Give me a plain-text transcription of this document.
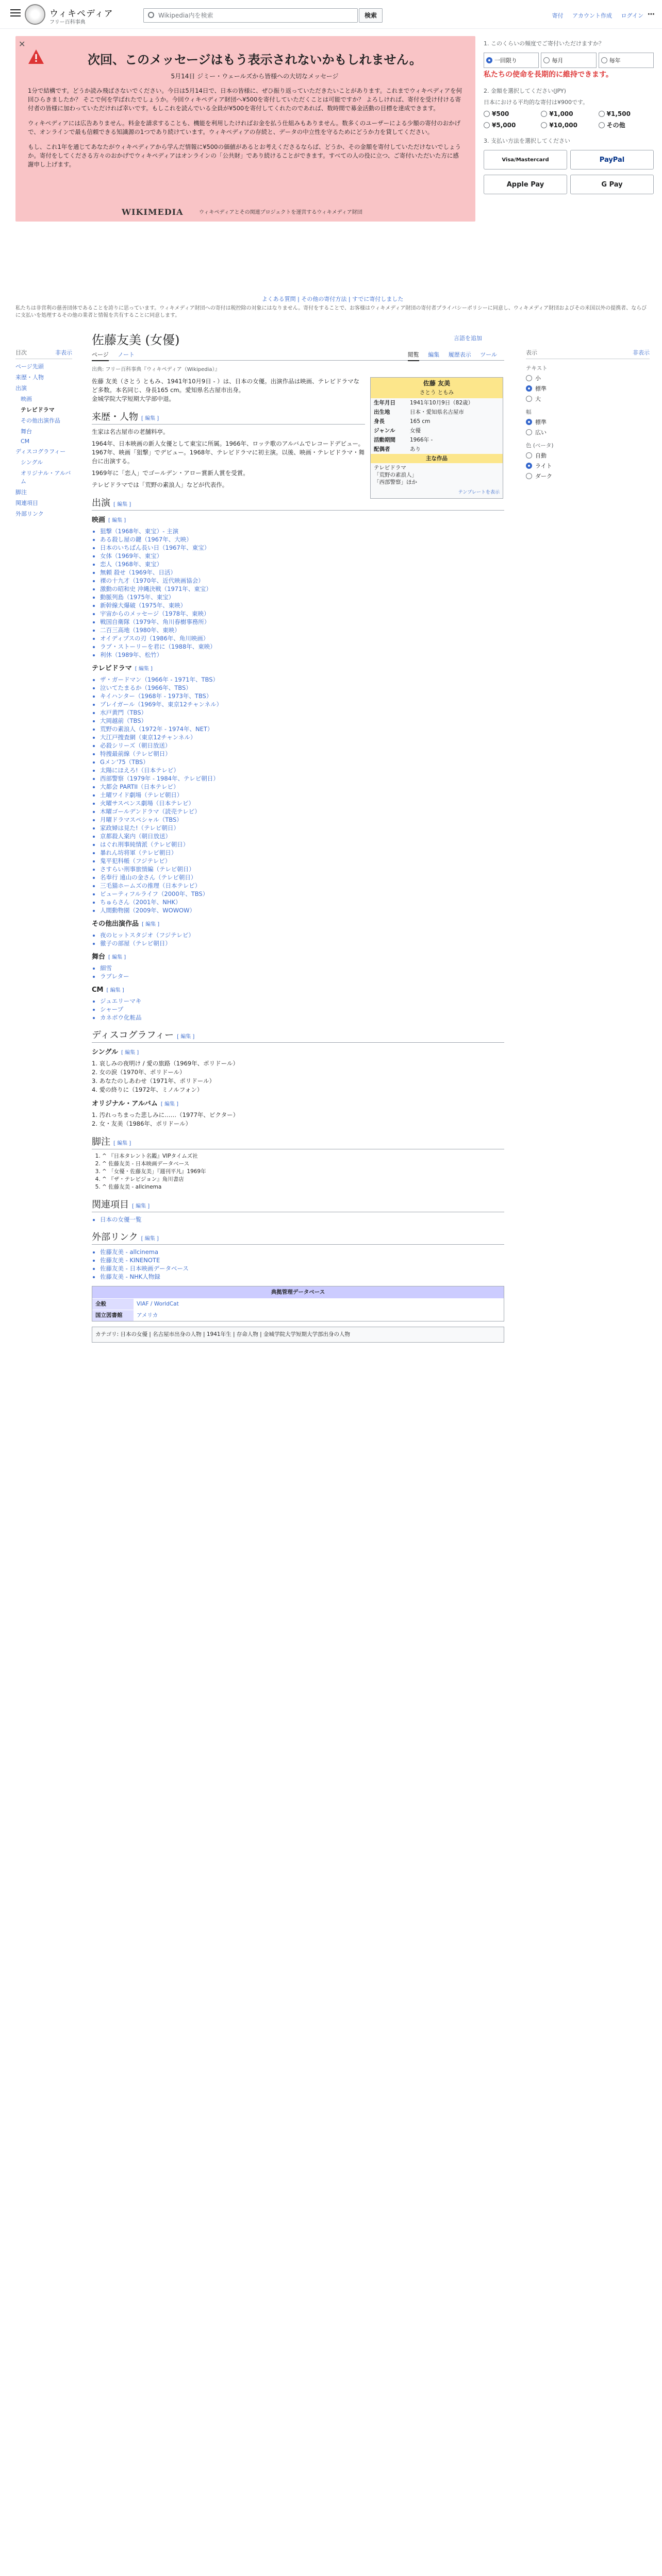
ウィキペディア
フリー百科事典
Wikipedia内を検索	検索	寄付 アカウント作成 ログイン ⋯
✕
次回、このメッセージはもう表示されないかもしれません。
5月14日 ジミー・ウェールズから皆様への大切なメッセージ

1分で結構です。どうか読み飛ばさないでください。今日は5月14日で、日本の皆様に、ぜひ振り返っていただきたいことがあります。これまでウィキペディアを何回ひらきましたか？ そこで何を学ばれたでしょうか。今回ウィキペディア財団へ¥500を寄付していただくことは可能ですか？ よろしければ、寄付を受け付ける寄付者の皆様に加わっていただければ幸いです。もしこれを読んでいる全員が¥500を寄付してくれたのであれば、数時間で募金活動の目標を達成できます。

ウィキペディアには広告ありません。料金を請求することも、機能を利用したければお金を払う仕組みもありません。数多くのユーザーによる少額の寄付のおかげで、オンラインで最も信頼できる知識源の1つであり続けています。ウィキペディアの存続と、データの中立性を守るためにどうか力を貸してください。

もし、これ1年を通じてあなたがウィキペディアから学んだ情報に¥500の価値があるとお考えくださるならば、どうか、その金額を寄付していただけないでしょうか。寄付をしてくださる方々のおかげでウィキペディアはオンラインの「公共財」であり続けることができます。すべての人の役に立つ、ご寄付いただいた方に感謝申し上げます。

WIKIMEDIA	ウィキペディアとその関連プロジェクトを運営するウィキメディア財団
1. このくらいの頻度でご寄付いただけますか？
一回限り	毎月	毎年
私たちの使命を長期的に維持できます。
2. 金額を選択してください(JPY)
日本における平均的な寄付は¥900です。
¥500	¥1,000	¥1,500
¥5,000	¥10,000	その他
3. 支払い方法を選択してください
Visa/Mastercard	PayPal
Apple Pay	G Pay
よくある質問 | その他の寄付方法 | すでに寄付しました
私たちは非営利の慈善団体であることを誇りに思っています。ウィキメディア財団への寄付は税控除の対象にはなりません。寄付をすることで、お客様はウィキメディア財団の寄付者プライバシーポリシーに同意し、ウィキメディア財団およびその米国以外の提携者、ならびに支払いを処理するその他の業者と情報を共有することに同意します。
佐藤友美 (女優)	言語を追加
ページ ノート	閲覧 編集 履歴表示 ツール
出典: フリー百科事典『ウィキペディア（Wikipedia）』
目次	非表示
ページ先頭
来歴・人物
出演
映画
テレビドラマ
その他出演作品
舞台
CM
ディスコグラフィー
シングル
オリジナル・アルバム
脚注
関連項目
外部リンク
佐藤 友美
さとう ともみ
生年月日	1941年10月9日（82歳）
出生地	日本・愛知県名古屋市
身長	165 cm
ジャンル	女優
活動期間	1966年 -
配偶者	あり
主な作品
テレビドラマ
「荒野の素浪人」
「西部警察」ほか
テンプレートを表示

佐藤 友美（さとう ともみ、1941年10月9日 - ）は、日本の女優。出演作品は映画、テレビドラマなど多数。本名同じ、身長165 cm。愛知県名古屋市出身。

金城学院大学短期大学部中退。

来歴・人物 [ 編集 ]

生家は名古屋市の老舗料亭。

1964年、日本映画の新人女優として東宝に所属。1966年、ロッテ歌のアルバムでレコードデビュー。1967年、映画「狙撃」でデビュー。1968年、テレビドラマに初主演。以後、映画・テレビドラマ・舞台に出演する。

1969年に「恋人」でゴールデン・アロー賞新人賞を受賞。

テレビドラマでは「荒野の素浪人」などが代表作。

出演 [ 編集 ]
映画 [ 編集 ]
• 狙撃（1968年、東宝）- 主演
• ある殺し屋の鍵（1967年、大映）
• 日本のいちばん長い日（1967年、東宝）
• 女体（1969年、東宝）
• 恋人（1968年、東宝）
• 無頼 殺せ（1969年、日活）
• 裸の十九才（1970年、近代映画協会）
• 激動の昭和史 沖縄決戦（1971年、東宝）
• 動脈列島（1975年、東宝）
• 新幹線大爆破（1975年、東映）
• 宇宙からのメッセージ（1978年、東映）
• 戦国自衛隊（1979年、角川春樹事務所）
• 二百三高地（1980年、東映）
• オイディプスの刃（1986年、角川映画）
• ラブ・ストーリーを君に（1988年、東映）
• 利休（1989年、松竹）
テレビドラマ [ 編集 ]
• ザ・ガードマン（1966年 - 1971年、TBS）
• 泣いてたまるか（1966年、TBS）
• キイハンター（1968年 - 1973年、TBS）
• プレイガール（1969年、東京12チャンネル）
• 水戸黄門（TBS）
• 大岡越前（TBS）
• 荒野の素浪人（1972年 - 1974年、NET）
• 大江戸捜査網（東京12チャンネル）
• 必殺シリーズ（朝日放送）
• 特捜最前線（テレビ朝日）
• Gメン'75（TBS）
• 太陽にほえろ!（日本テレビ）
• 西部警察（1979年 - 1984年、テレビ朝日）
• 大都会 PARTII（日本テレビ）
• 土曜ワイド劇場（テレビ朝日）
• 火曜サスペンス劇場（日本テレビ）
• 木曜ゴールデンドラマ（読売テレビ）
• 月曜ドラマスペシャル（TBS）
• 家政婦は見た!（テレビ朝日）
• 京都殺人案内（朝日放送）
• はぐれ刑事純情派（テレビ朝日）
• 暴れん坊将軍（テレビ朝日）
• 鬼平犯科帳（フジテレビ）
• さすらい刑事旅情編（テレビ朝日）
• 名奉行 遠山の金さん（テレビ朝日）
• 三毛猫ホームズの推理（日本テレビ）
• ビューティフルライフ（2000年、TBS）
• ちゅらさん（2001年、NHK）
• 人間動物園（2009年、WOWOW）
その他出演作品 [ 編集 ]
• 夜のヒットスタジオ（フジテレビ）
• 徹子の部屋（テレビ朝日）
舞台 [ 編集 ]
• 細雪
• ラブレター
CM [ 編集 ]
• ジュエリーマキ
• シャープ
• カネボウ化粧品
ディスコグラフィー [ 編集 ]
シングル [ 編集 ]
1. 哀しみの夜明け / 愛の旅路（1969年、ポリドール）
2. 女の涙（1970年、ポリドール）
3. あなたのしあわせ（1971年、ポリドール）
4. 愛の終りに（1972年、ミノルフォン）
オリジナル・アルバム [ 編集 ]
1. 汚れっちまった悲しみに……（1977年、ビクター）
2. 女・友美（1986年、ポリドール）
脚注 [ 編集 ]
1. ^ 『日本タレント名鑑』VIPタイムズ社
2. ^ 佐藤友美 - 日本映画データベース
3. ^ 「女優・佐藤友美」『週刊平凡』1969年
4. ^ 『ザ・テレビジョン』角川書店
5. ^ 佐藤友美 - allcinema
関連項目 [ 編集 ]
• 日本の女優一覧
外部リンク [ 編集 ]
• 佐藤友美 - allcinema
• 佐藤友美 - KINENOTE
• 佐藤友美 - 日本映画データベース
• 佐藤友美 - NHK人物録
典拠管理データベース
全般	VIAF / WorldCat
国立図書館	アメリカ
カテゴリ: 日本の女優 | 名古屋市出身の人物 | 1941年生 | 存命人物 | 金城学院大学短期大学部出身の人物
表示	非表示
テキスト
小
標準
大
幅
標準
広い
色 (ベータ)
自動
ライト
ダーク
